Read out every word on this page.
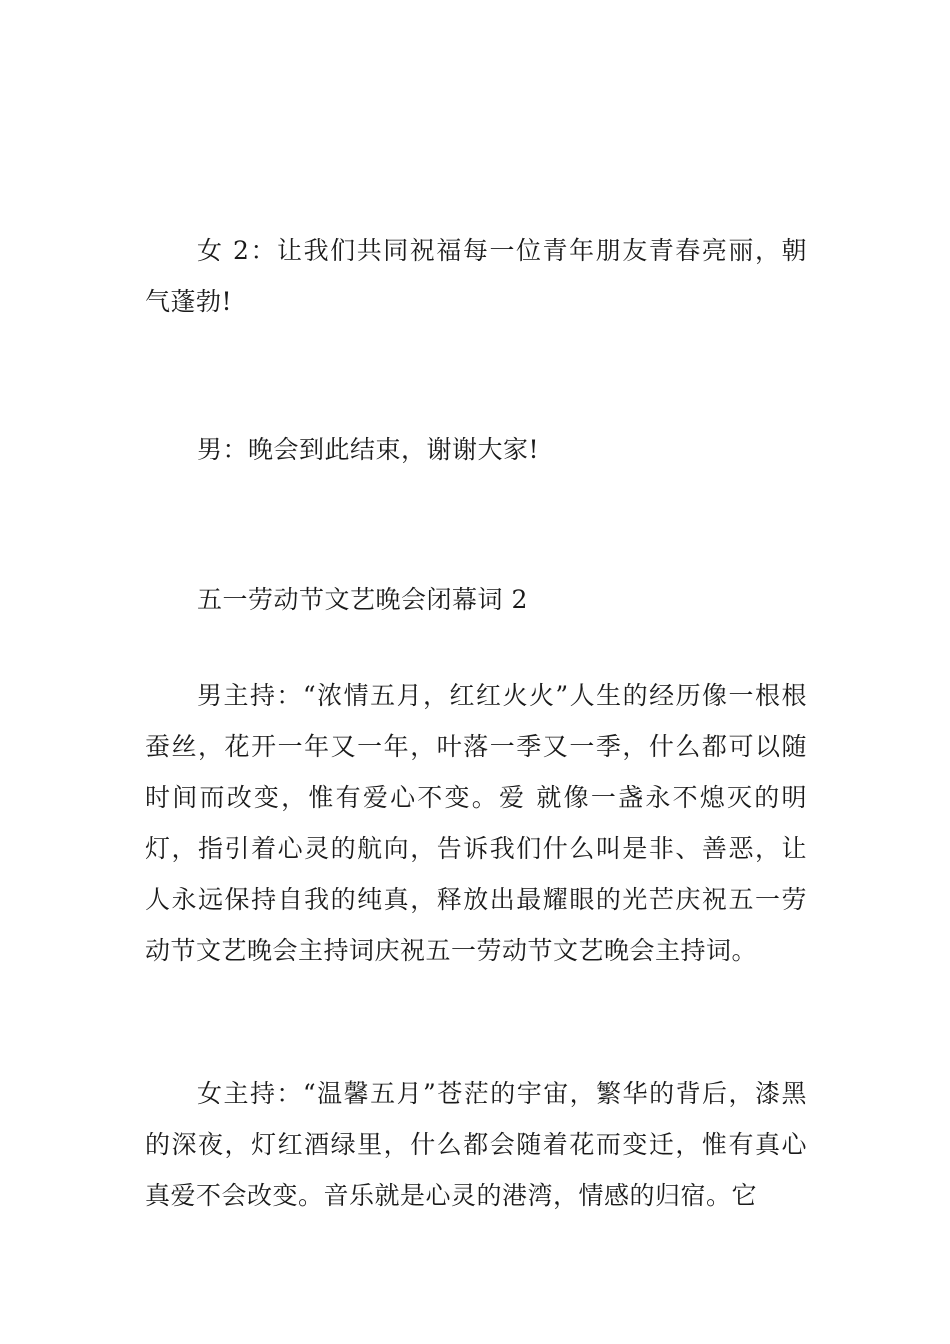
女 2：让我们共同祝福每一位青年朋友青春亮丽，朝气蓬勃!

男：晚会到此结束，谢谢大家!

五一劳动节文艺晚会闭幕词 2

男主持：“浓情五月，红红火火”人生的经历像一根根蚕丝，花开一年又一年，叶落一季又一季，什么都可以随时间而改变，惟有爱心不变。爱 就像一盏永不熄灭的明灯，指引着心灵的航向，告诉我们什么叫是非、善恶，让人永远保持自我的纯真，释放出最耀眼的光芒庆祝五一劳动节文艺晚会主持词庆祝五一劳动节文艺晚会主持词。

女主持：“温馨五月”苍茫的宇宙，繁华的背后，漆黑的深夜，灯红酒绿里，什么都会随着花而变迁，惟有真心真爱不会改变。音乐就是心灵的港湾，情感的归宿。它
